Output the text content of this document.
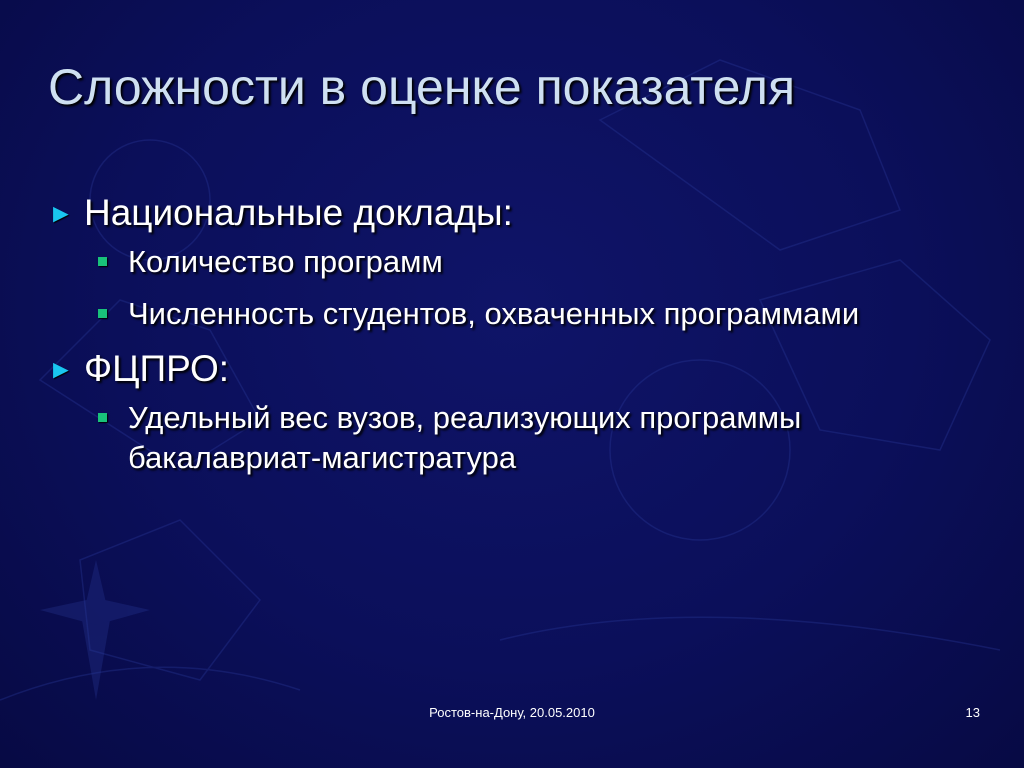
Сложности в оценке показателя
► Национальные доклады:
Количество программ
Численность студентов, охваченных программами
► ФЦПРО:
Удельный вес вузов, реализующих программы бакалавриат-магистратура
Ростов-на-Дону, 20.05.2010	13
